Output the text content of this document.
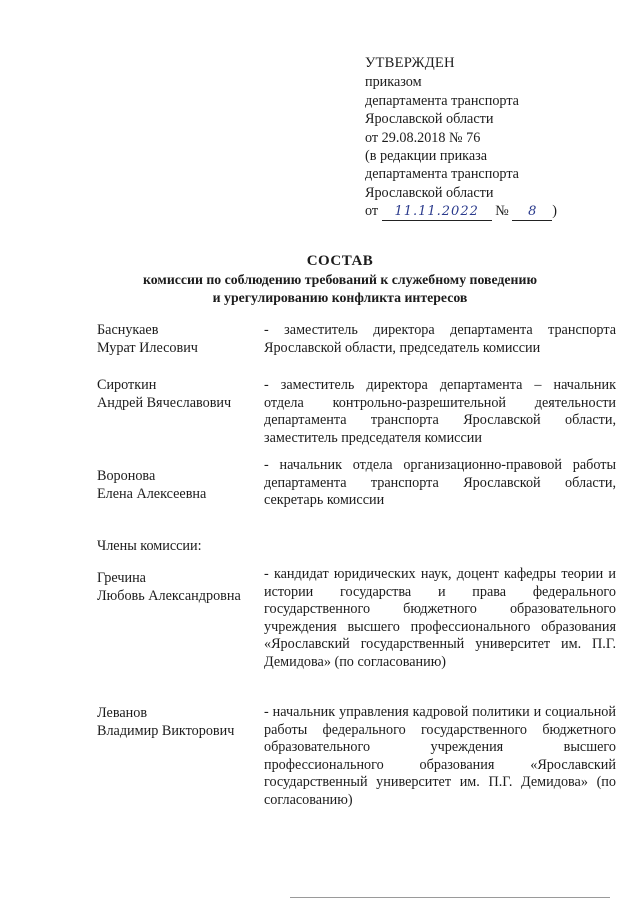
УТВЕРЖДЕН
приказом
департамента транспорта
Ярославской области
от 29.08.2018 № 76
(в редакции приказа
департамента транспорта
Ярославской области
от 11.11.2022 № 8 )
СОСТАВ
комиссии по соблюдению требований к служебному поведению
и урегулированию конфликта интересов
Баснукаев
Мурат Илесович
- заместитель директора департамента транспорта Ярославской области, председатель комиссии
Сироткин
Андрей Вячеславович
- заместитель директора департамента – начальник отдела контрольно-разрешительной деятельности департамента транспорта Ярославской области, заместитель председателя комиссии
Воронова
Елена Алексеевна
- начальник отдела организационно-правовой работы департамента транспорта Ярославской области, секретарь комиссии
Члены комиссии:
Гречина
Любовь Александровна
- кандидат юридических наук, доцент кафедры теории и истории государства и права федерального государственного бюджетного образовательного учреждения высшего профессионального образования «Ярославский государственный университет им. П.Г. Демидова» (по согласованию)
Леванов
Владимир Викторович
- начальник управления кадровой политики и социальной работы федерального государственного бюджетного образовательного учреждения высшего профессионального образования «Ярославский государственный университет им. П.Г. Демидова» (по согласованию)
